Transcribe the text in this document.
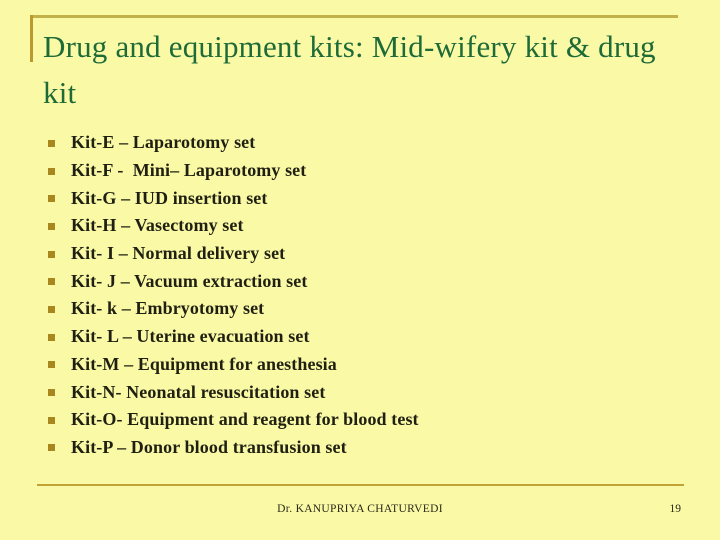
Drug and equipment kits: Mid-wifery kit & drug kit
Kit-E – Laparotomy set
Kit-F -  Mini– Laparotomy set
Kit-G – IUD insertion set
Kit-H – Vasectomy set
Kit- I – Normal delivery set
Kit- J – Vacuum extraction set
Kit- k – Embryotomy set
Kit- L – Uterine evacuation set
Kit-M – Equipment for anesthesia
Kit-N- Neonatal resuscitation set
Kit-O- Equipment and reagent for blood test
Kit-P – Donor blood transfusion set
Dr. KANUPRIYA CHATURVEDI	19
